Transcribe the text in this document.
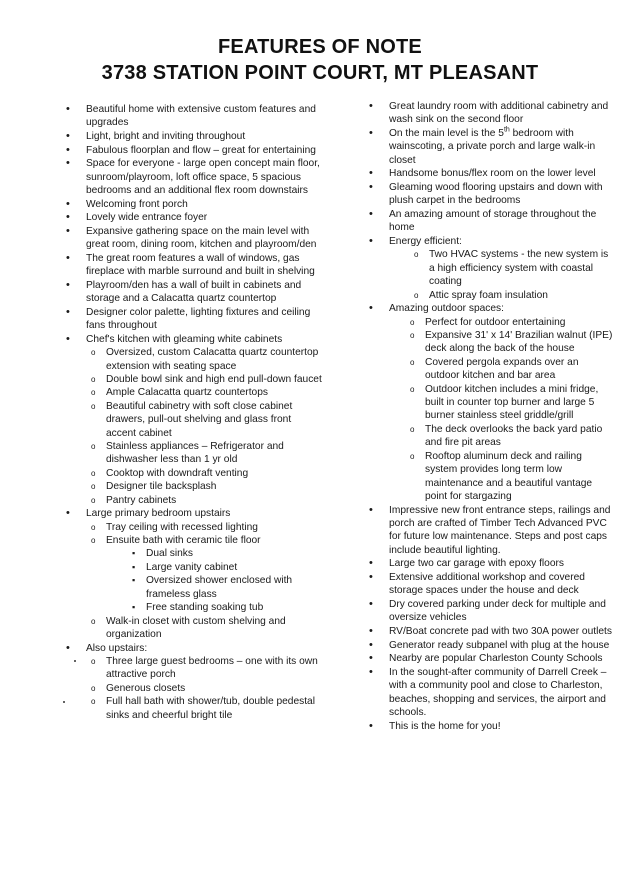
FEATURES OF NOTE
3738 STATION POINT COURT, MT PLEASANT
• Beautiful home with extensive custom features and upgrades
• Light, bright and inviting throughout
• Fabulous floorplan and flow – great for entertaining
• Space for everyone - large open concept main floor, sunroom/playroom, loft office space, 5 spacious bedrooms and an additional flex room downstairs
• Welcoming front porch
• Lovely wide entrance foyer
• Expansive gathering space on the main level with great room, dining room, kitchen and playroom/den
• The great room features a wall of windows, gas fireplace with marble surround and built in shelving
• Playroom/den has a wall of built in cabinets and storage and a Calacatta quartz countertop
• Designer color palette, lighting fixtures and ceiling fans throughout
• Chef's kitchen with gleaming white cabinets
o Oversized, custom Calacatta quartz countertop extension with seating space
o Double bowl sink and high end pull-down faucet
o Ample Calacatta quartz countertops
o Beautiful cabinetry with soft close cabinet drawers, pull-out shelving and glass front accent cabinet
o Stainless appliances – Refrigerator and dishwasher less than 1 yr old
o Cooktop with downdraft venting
o Designer tile backsplash
o Pantry cabinets
• Large primary bedroom upstairs
o Tray ceiling with recessed lighting
o Ensuite bath with ceramic tile floor
▪ Dual sinks
▪ Large vanity cabinet
▪ Oversized shower enclosed with frameless glass
▪ Free standing soaking tub
o Walk-in closet with custom shelving and organization
• Also upstairs:
o Three large guest bedrooms – one with its own attractive porch
o Generous closets
o Full hall bath with shower/tub, double pedestal sinks and cheerful bright tile
• Great laundry room with additional cabinetry and wash sink on the second floor
• On the main level is the 5th bedroom with wainscoting, a private porch and large walk-in closet
• Handsome bonus/flex room on the lower level
• Gleaming wood flooring upstairs and down with plush carpet in the bedrooms
• An amazing amount of storage throughout the home
• Energy efficient:
o Two HVAC systems - the new system is a high efficiency system with coastal coating
o Attic spray foam insulation
• Amazing outdoor spaces:
o Perfect for outdoor entertaining
o Expansive 31' x 14' Brazilian walnut (IPE) deck along the back of the house
o Covered pergola expands over an outdoor kitchen and bar area
o Outdoor kitchen includes a mini fridge, built in counter top burner and large 5 burner stainless steel griddle/grill
o The deck overlooks the back yard patio and fire pit areas
o Rooftop aluminum deck and railing system provides long term low maintenance and a beautiful vantage point for stargazing
• Impressive new front entrance steps, railings and porch are crafted of Timber Tech Advanced PVC for future low maintenance. Steps and post caps include beautiful lighting.
• Large two car garage with epoxy floors
• Extensive additional workshop and covered storage spaces under the house and deck
• Dry covered parking under deck for multiple and oversize vehicles
• RV/Boat concrete pad with two 30A power outlets
• Generator ready subpanel with plug at the house
• Nearby are popular Charleston County Schools
• In the sought-after community of Darrell Creek – with a community pool and close to Charleston, beaches, shopping and services, the airport and schools.
• This is the home for you!
